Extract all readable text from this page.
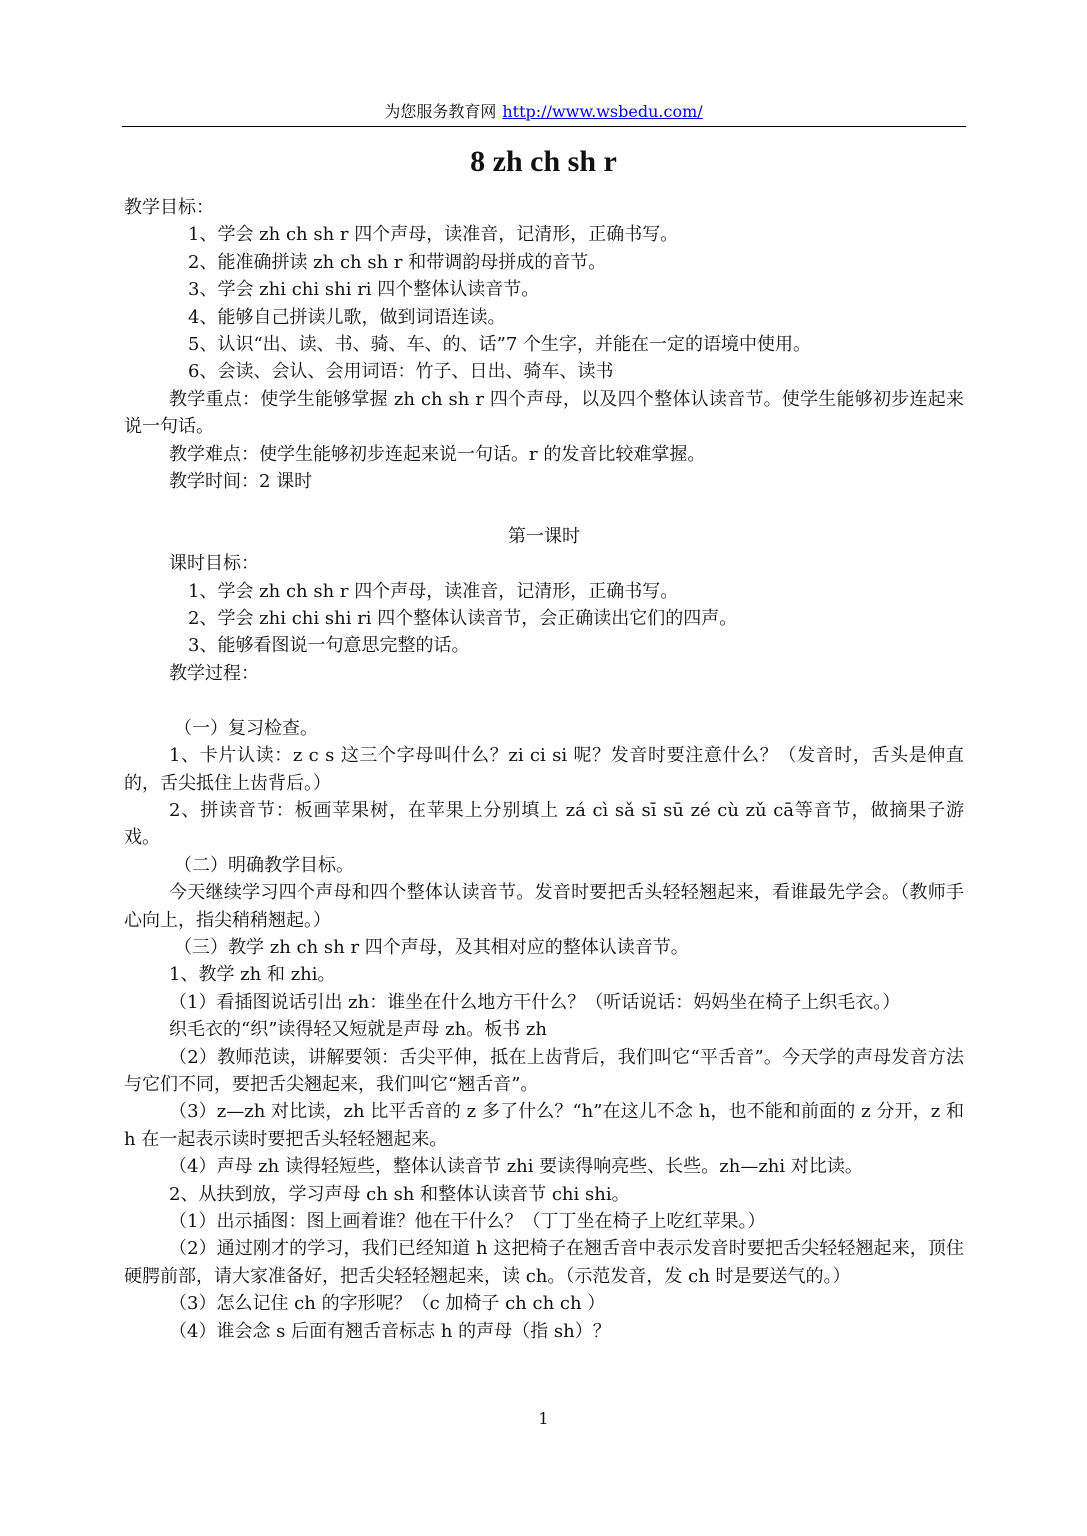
为您服务教育网 http://www.wsbedu.com/
8 zh ch sh r

教学目标：

1、学会 zh ch sh r 四个声母，读准音，记清形，正确书写。

2、能准确拼读 zh ch sh r 和带调韵母拼成的音节。

3、学会 zhi chi shi ri 四个整体认读音节。

4、能够自己拼读儿歌，做到词语连读。

5、认识“出、读、书、骑、车、的、话”7 个生字，并能在一定的语境中使用。

6、会读、会认、会用词语：竹子、日出、骑车、读书

教学重点：使学生能够掌握 zh ch sh r 四个声母，以及四个整体认读音节。使学生能够初步连起来说一句话。

教学难点：使学生能够初步连起来说一句话。r 的发音比较难掌握。

教学时间：2 课时

第一课时

课时目标：

1、学会 zh ch sh r 四个声母，读准音，记清形，正确书写。

2、学会 zhi chi shi ri 四个整体认读音节，会正确读出它们的四声。

3、能够看图说一句意思完整的话。

教学过程：

（一）复习检查。

1、卡片认读：z c s 这三个字母叫什么？zi ci si 呢？发音时要注意什么？（发音时，舌头是伸直的，舌尖抵住上齿背后。）

2、拼读音节：板画苹果树，在苹果上分别填上 zá cì sǎ sī sū zé cù zǔ cā等音节，做摘果子游戏。

（二）明确教学目标。

今天继续学习四个声母和四个整体认读音节。发音时要把舌头轻轻翘起来，看谁最先学会。（教师手心向上，指尖稍稍翘起。）

（三）教学 zh ch sh r 四个声母，及其相对应的整体认读音节。

1、教学 zh 和 zhi。

（1）看插图说话引出 zh：谁坐在什么地方干什么？（听话说话：妈妈坐在椅子上织毛衣。）

织毛衣的“织”读得轻又短就是声母 zh。板书 zh

（2）教师范读，讲解要领：舌尖平伸，抵在上齿背后，我们叫它“平舌音”。今天学的声母发音方法与它们不同，要把舌尖翘起来，我们叫它“翘舌音”。

（3）z—zh 对比读，zh 比平舌音的 z 多了什么？“h”在这儿不念 h，也不能和前面的 z 分开，z 和 h 在一起表示读时要把舌头轻轻翘起来。

（4）声母 zh 读得轻短些，整体认读音节 zhi 要读得响亮些、长些。zh—zhi 对比读。

2、从扶到放，学习声母 ch sh 和整体认读音节 chi shi。

（1）出示插图：图上画着谁？他在干什么？（丁丁坐在椅子上吃红苹果。）

（2）通过刚才的学习，我们已经知道 h 这把椅子在翘舌音中表示发音时要把舌尖轻轻翘起来，顶住硬腭前部，请大家准备好，把舌尖轻轻翘起来，读 ch。（示范发音，发 ch 时是要送气的。）

（3）怎么记住 ch 的字形呢？（c 加椅子 ch ch ch ）

（4）谁会念 s 后面有翘舌音标志 h 的声母（指 sh）？

1
